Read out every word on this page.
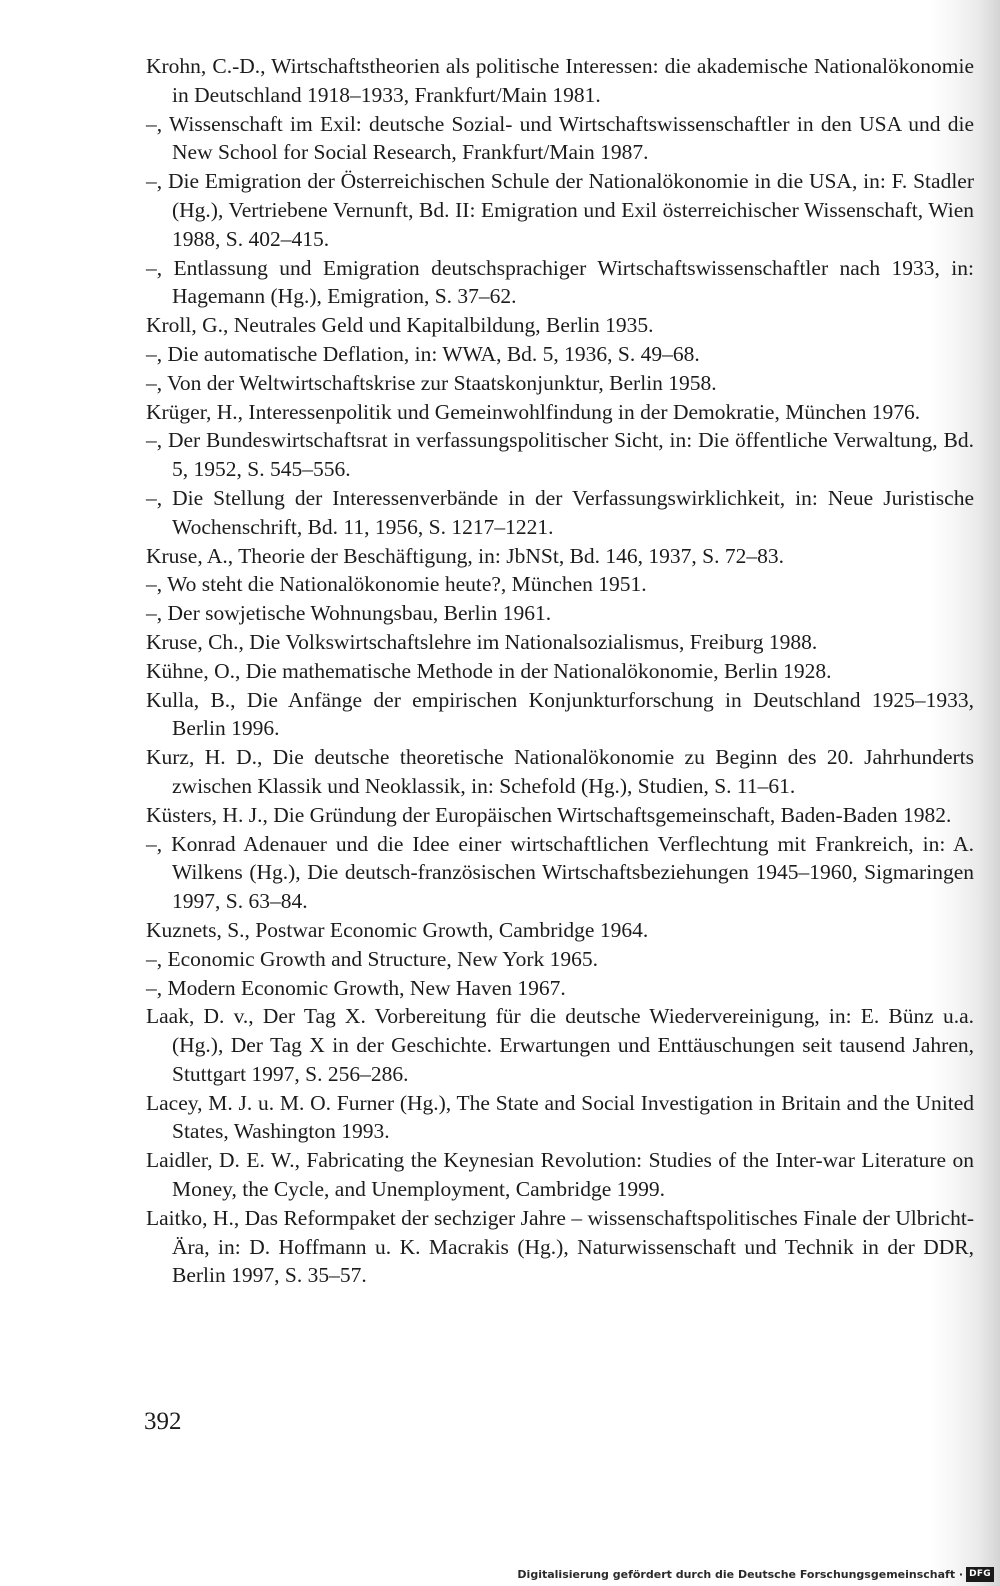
Krohn, C.-D., Wirtschaftstheorien als politische Interessen: die akademische Nationalökonomie in Deutschland 1918–1933, Frankfurt/Main 1981.

–, Wissenschaft im Exil: deutsche Sozial- und Wirtschaftswissenschaftler in den USA und die New School for Social Research, Frankfurt/Main 1987.

–, Die Emigration der Österreichischen Schule der Nationalökonomie in die USA, in: F. Stadler (Hg.), Vertriebene Vernunft, Bd. II: Emigration und Exil österreichischer Wissenschaft, Wien 1988, S. 402–415.

–, Entlassung und Emigration deutschsprachiger Wirtschaftswissenschaftler nach 1933, in: Hagemann (Hg.), Emigration, S. 37–62.

Kroll, G., Neutrales Geld und Kapitalbildung, Berlin 1935.

–, Die automatische Deflation, in: WWA, Bd. 5, 1936, S. 49–68.

–, Von der Weltwirtschaftskrise zur Staatskonjunktur, Berlin 1958.

Krüger, H., Interessenpolitik und Gemeinwohlfindung in der Demokratie, München 1976.

–, Der Bundeswirtschaftsrat in verfassungspolitischer Sicht, in: Die öffentliche Verwaltung, Bd. 5, 1952, S. 545–556.

–, Die Stellung der Interessenverbände in der Verfassungswirklichkeit, in: Neue Juristische Wochenschrift, Bd. 11, 1956, S. 1217–1221.

Kruse, A., Theorie der Beschäftigung, in: JbNSt, Bd. 146, 1937, S. 72–83.

–, Wo steht die Nationalökonomie heute?, München 1951.

–, Der sowjetische Wohnungsbau, Berlin 1961.

Kruse, Ch., Die Volkswirtschaftslehre im Nationalsozialismus, Freiburg 1988.

Kühne, O., Die mathematische Methode in der Nationalökonomie, Berlin 1928.

Kulla, B., Die Anfänge der empirischen Konjunkturforschung in Deutschland 1925–1933, Berlin 1996.

Kurz, H. D., Die deutsche theoretische Nationalökonomie zu Beginn des 20. Jahrhunderts zwischen Klassik und Neoklassik, in: Schefold (Hg.), Studien, S. 11–61.

Küsters, H. J., Die Gründung der Europäischen Wirtschaftsgemeinschaft, Baden-Baden 1982.

–, Konrad Adenauer und die Idee einer wirtschaftlichen Verflechtung mit Frankreich, in: A. Wilkens (Hg.), Die deutsch-französischen Wirtschaftsbeziehungen 1945–1960, Sigmaringen 1997, S. 63–84.

Kuznets, S., Postwar Economic Growth, Cambridge 1964.

–, Economic Growth and Structure, New York 1965.

–, Modern Economic Growth, New Haven 1967.

Laak, D. v., Der Tag X. Vorbereitung für die deutsche Wiedervereinigung, in: E. Bünz u.a. (Hg.), Der Tag X in der Geschichte. Erwartungen und Enttäuschungen seit tausend Jahren, Stuttgart 1997, S. 256–286.

Lacey, M. J. u. M. O. Furner (Hg.), The State and Social Investigation in Britain and the United States, Washington 1993.

Laidler, D. E. W., Fabricating the Keynesian Revolution: Studies of the Inter-war Literature on Money, the Cycle, and Unemployment, Cambridge 1999.

Laitko, H., Das Reformpaket der sechziger Jahre – wissenschaftspolitisches Finale der Ulbricht-Ära, in: D. Hoffmann u. K. Macrakis (Hg.), Naturwissenschaft und Technik in der DDR, Berlin 1997, S. 35–57.

392
Digitalisierung gefördert durch die Deutsche Forschungsgemeinschaft · DFG
